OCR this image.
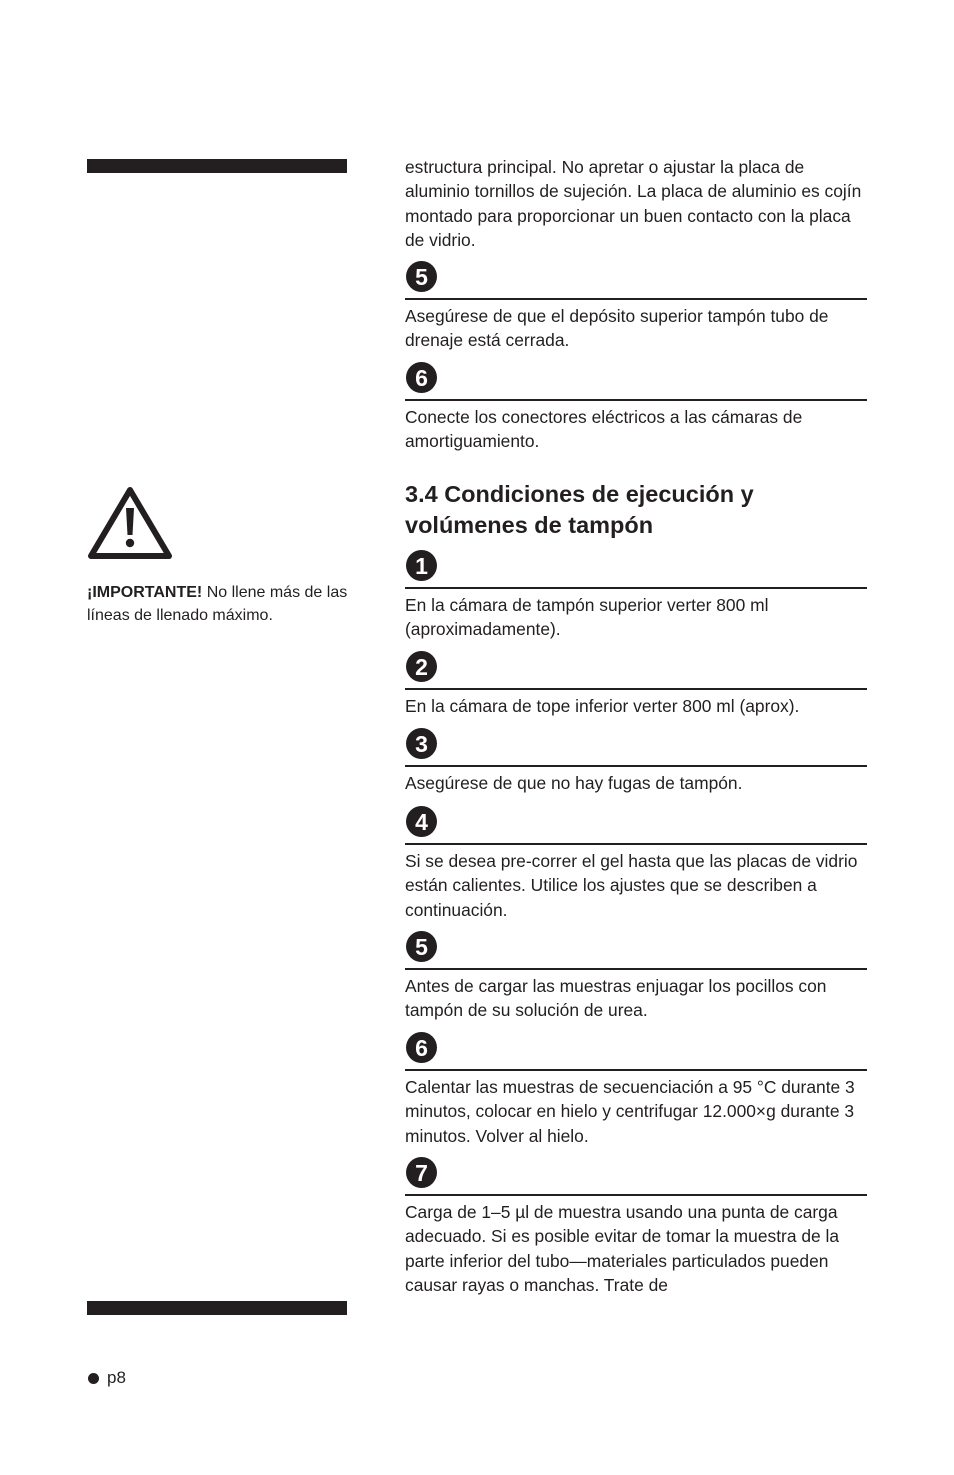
¡IMPORTANTE! No llene más de las líneas de llenado máximo.

estructura principal. No apretar o ajustar la placa de aluminio tornillos de sujeción. La placa de aluminio es cojín montado para proporcionar un buen contacto con la placa de vidrio.

5
Asegúrese de que el depósito superior tampón tubo de drenaje está cerrada.
6
Conecte los conectores eléctricos a las cámaras de amortiguamiento.
3.4 Condiciones de ejecución y volúmenes de tampón
1
En la cámara de tampón superior verter 800 ml (aproximadamente).
2
En la cámara de tope inferior verter 800 ml (aprox).
3
Asegúrese de que no hay fugas de tampón.
4
Si se desea pre-correr el gel hasta que las placas de vidrio están calientes. Utilice los ajustes que se describen a continuación.
5
Antes de cargar las muestras enjuagar los pocillos con tampón de su solución de urea.
6
Calentar las muestras de secuenciación a 95 °C durante 3 minutos, colocar en hielo y centrifugar 12.000×g durante 3 minutos. Volver al hielo.
7
Carga de 1–5 µl de muestra usando una punta de carga adecuado. Si es posible evitar de tomar la muestra de la parte inferior del tubo—materiales particulados pueden causar rayas o manchas. Trate de
p8
